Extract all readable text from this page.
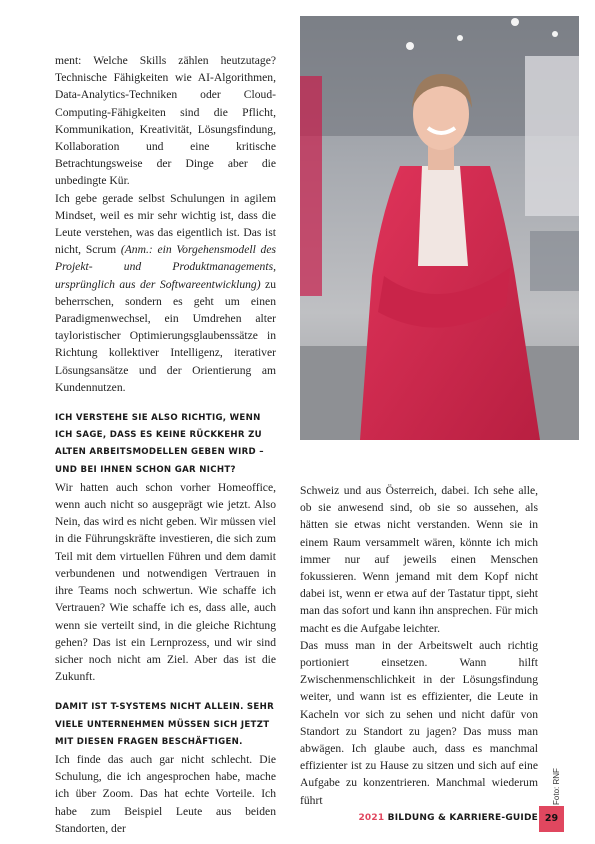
ment: Welche Skills zählen heutzutage? Technische Fähigkeiten wie AI-Algorithmen, Data-Analytics-Techniken oder Cloud-Computing-Fähigkeiten sind die Pflicht, Kommunikation, Kreativität, Lösungsfindung, Kollaboration und eine kritische Betrachtungsweise der Dinge aber die unbedingte Kür.

Ich gebe gerade selbst Schulungen in agilem Mindset, weil es mir sehr wichtig ist, dass die Leute verstehen, was das eigentlich ist. Das ist nicht, Scrum (Anm.: ein Vorgehensmodell des Projekt- und Produktmanagements, ursprünglich aus der Softwareentwicklung) zu beherrschen, sondern es geht um einen Paradigmenwechsel, ein Umdrehen alter tayloristischer Optimierungsglaubenssätze in Richtung kollektiver Intelligenz, iterativer Lösungsansätze und der Orientierung am Kundennutzen.

ICH VERSTEHE SIE ALSO RICHTIG, WENN ICH SAGE, DASS ES KEINE RÜCKKEHR ZU ALTEN ARBEITSMODELLEN GEBEN WIRD – UND BEI IHNEN SCHON GAR NICHT?

Wir hatten auch schon vorher Homeoffice, wenn auch nicht so ausgeprägt wie jetzt. Also Nein, das wird es nicht geben. Wir müssen viel in die Führungskräfte investieren, die sich zum Teil mit dem virtuellen Führen und dem damit verbundenen und notwendigen Vertrauen in ihre Teams noch schwertun. Wie schaffe ich Vertrauen? Wie schaffe ich es, dass alle, auch wenn sie verteilt sind, in die gleiche Richtung gehen? Das ist ein Lernprozess, und wir sind sicher noch nicht am Ziel. Aber das ist die Zukunft.

DAMIT IST T-SYSTEMS NICHT ALLEIN. SEHR VIELE UNTERNEHMEN MÜSSEN SICH JETZT MIT DIESEN FRAGEN BESCHÄFTIGEN.

Ich finde das auch gar nicht schlecht. Die Schulung, die ich angesprochen habe, mache ich über Zoom. Das hat echte Vorteile. Ich habe zum Beispiel Leute aus beiden Standorten, der

Schweiz und aus Österreich, dabei. Ich sehe alle, ob sie anwesend sind, ob sie so aussehen, als hätten sie etwas nicht verstanden. Wenn sie in einem Raum versammelt wären, könnte ich mich immer nur auf jeweils einen Menschen fokussieren. Wenn jemand mit dem Kopf nicht dabei ist, wenn er etwa auf der Tastatur tippt, sieht man das sofort und kann ihn ansprechen. Für mich macht es die Aufgabe leichter.

Das muss man in der Arbeitswelt auch richtig portioniert einsetzen. Wann hilft Zwischenmenschlichkeit in der Lösungsfindung weiter, und wann ist es effizienter, die Leute in Kacheln vor sich zu sehen und nicht dafür von Standort zu Standort zu jagen? Das muss man abwägen. Ich glaube auch, dass es manchmal effizienter ist zu Hause zu sitzen und sich auf eine Aufgabe zu konzentrieren. Manchmal wiederum führt	Foto: RNF
2021 BILDUNG & KARRIERE-GUIDE 29
